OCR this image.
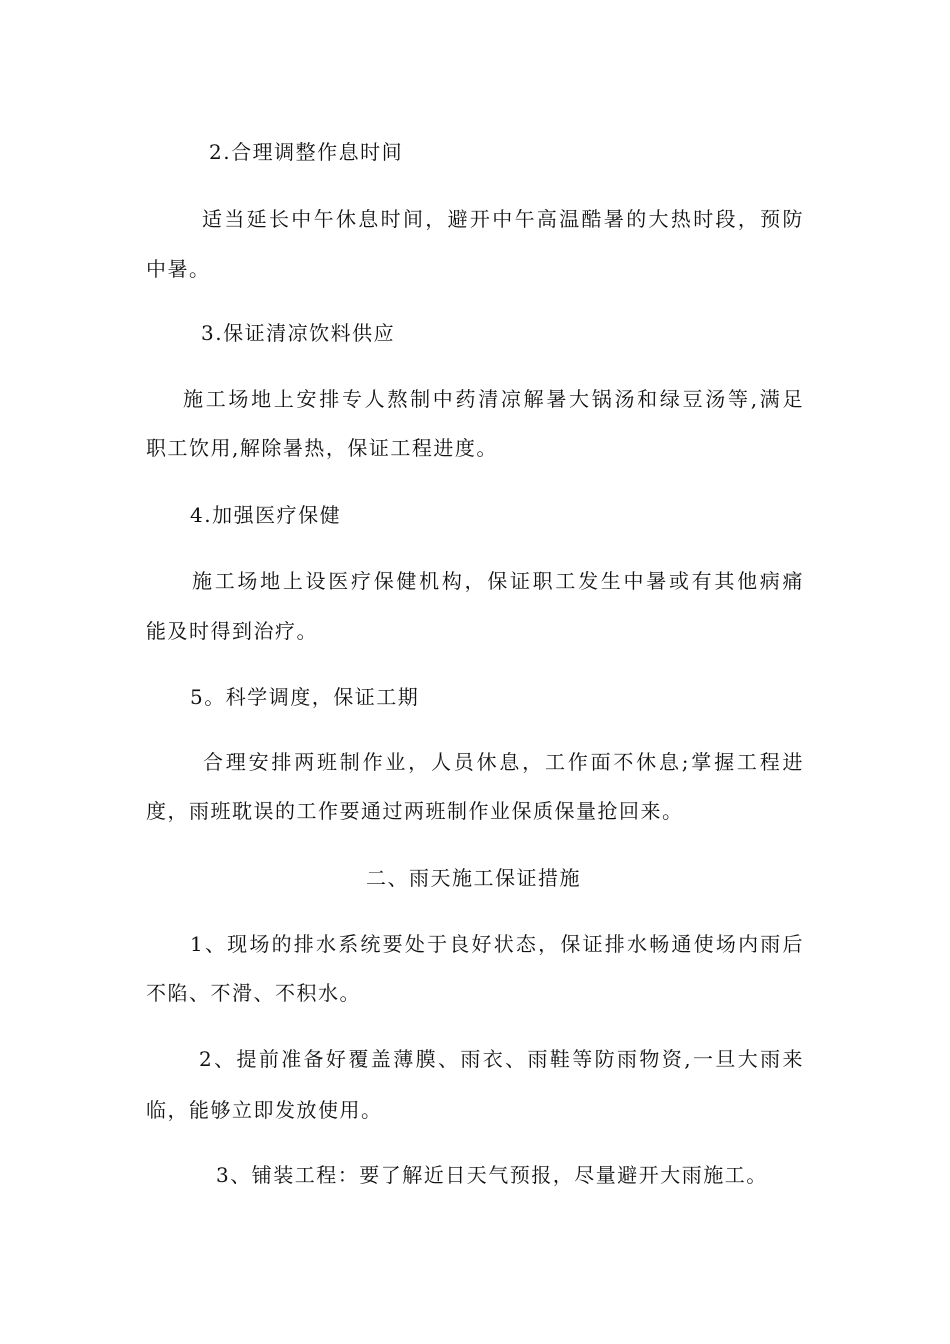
2.合理调整作息时间

适当延长中午休息时间，避开中午高温酷暑的大热时段，预防

中暑。

3.保证清凉饮料供应

施工场地上安排专人熬制中药清凉解暑大锅汤和绿豆汤等,满足

职工饮用,解除暑热，保证工程进度。

4.加强医疗保健

施工场地上设医疗保健机构，保证职工发生中暑或有其他病痛

能及时得到治疗。

5。科学调度，保证工期

合理安排两班制作业，人员休息，工作面不休息;掌握工程进

度，雨班耽误的工作要通过两班制作业保质保量抢回来。

二、雨天施工保证措施

1、现场的排水系统要处于良好状态，保证排水畅通使场内雨后

不陷、不滑、不积水。

2、提前准备好覆盖薄膜、雨衣、雨鞋等防雨物资,一旦大雨来

临，能够立即发放使用。

3、铺装工程：要了解近日天气预报，尽量避开大雨施工。
